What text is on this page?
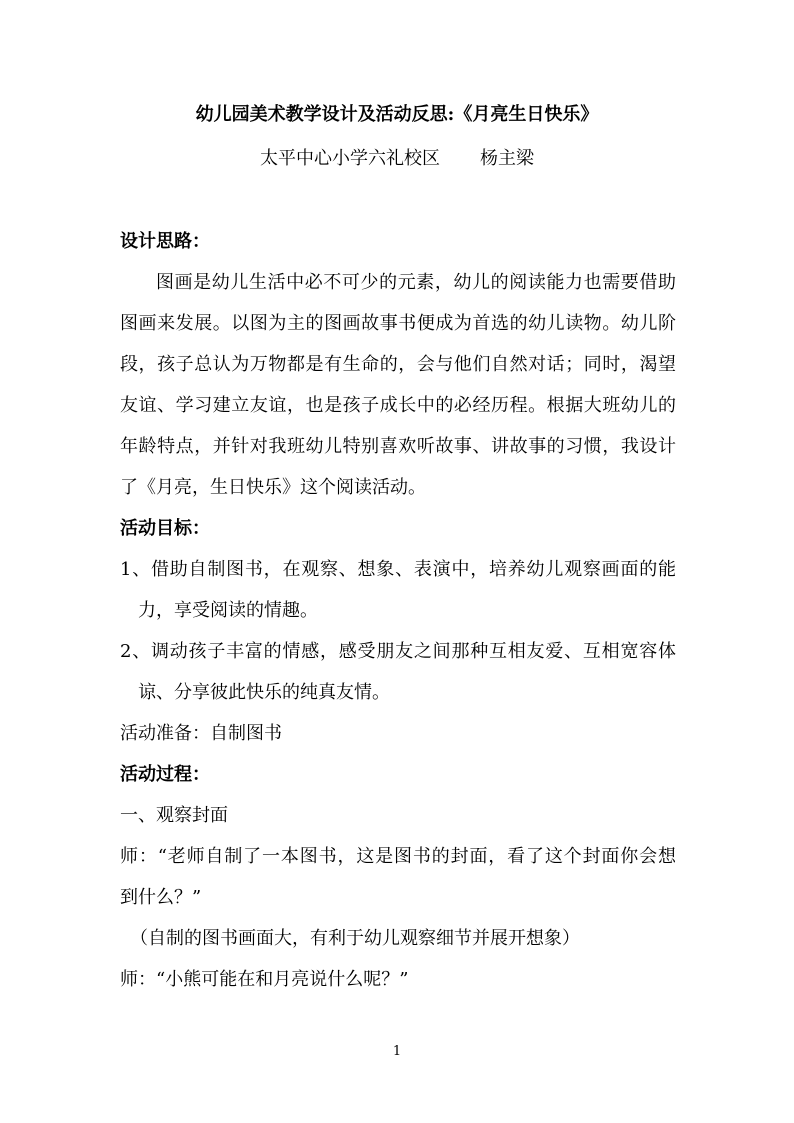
幼儿园美术教学设计及活动反思:《月亮生日快乐》
太平中心小学六礼校区 杨主梁
设计思路：
图画是幼儿生活中必不可少的元素，幼儿的阅读能力也需要借助
图画来发展。以图为主的图画故事书便成为首选的幼儿读物。幼儿阶
段，孩子总认为万物都是有生命的，会与他们自然对话；同时，渴望
友谊、学习建立友谊，也是孩子成长中的必经历程。根据大班幼儿的
年龄特点，并针对我班幼儿特别喜欢听故事、讲故事的习惯，我设计
了《月亮，生日快乐》这个阅读活动。
活动目标：
1、借助自制图书，在观察、想象、表演中，培养幼儿观察画面的能
力，享受阅读的情趣。
2、调动孩子丰富的情感，感受朋友之间那种互相友爱、互相宽容体
谅、分享彼此快乐的纯真友情。
活动准备：自制图书
活动过程：
一、观察封面
师：“老师自制了一本图书，这是图书的封面，看了这个封面你会想
到什么？”
（自制的图书画面大，有利于幼儿观察细节并展开想象）
师：“小熊可能在和月亮说什么呢？”
1
